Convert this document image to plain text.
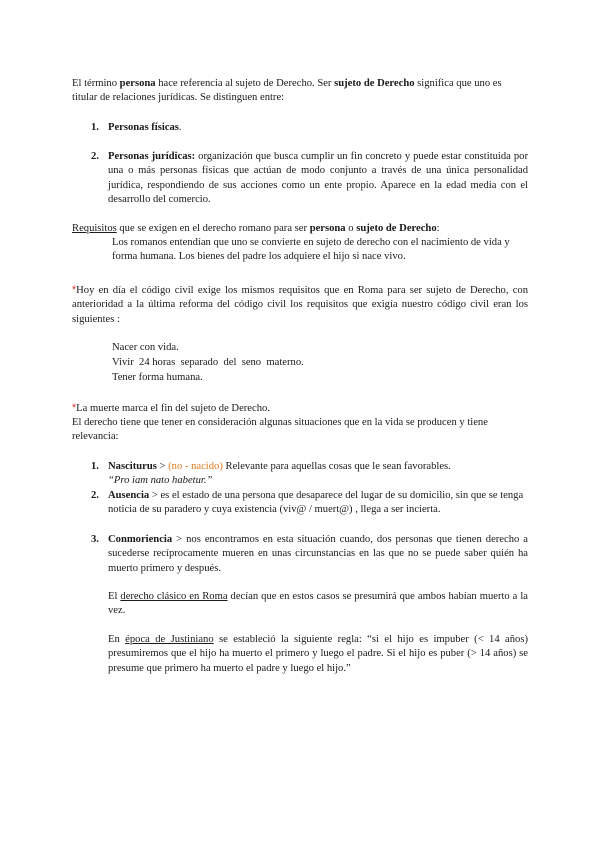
El término persona hace referencia al sujeto de Derecho. Ser sujeto de Derecho significa que uno es titular de relaciones jurídicas. Se distinguen entre:

1. Personas físicas.

2. Personas jurídicas: organización que busca cumplir un fin concreto y puede estar constituida por una o más personas físicas que actúan de modo conjunto a través de una única personalidad jurídica, respondiendo de sus acciones como un ente propio. Aparece en la edad media con el desarrollo del comercio.

Requisitos que se exigen en el derecho romano para ser persona o sujeto de Derecho:

Los romanos entendían que uno se convierte en sujeto de derecho con el nacimiento de vida y forma humana. Los bienes del padre los adquiere el hijo si nace vivo.

*Hoy en día el código civil exige los mismos requisitos que en Roma para ser sujeto de Derecho, con anterioridad a la última reforma del código civil los requisitos que exigía nuestro código civil eran los siguientes :

Nacer con vida.

Vivir  24 horas  separado  del  seno  materno.

Tener forma humana.

*La muerte marca el fin del sujeto de Derecho.

El derecho tiene que tener en consideración algunas situaciones que en la vida se producen y tiene relevancia:

1. Nasciturus > (no - nacido) Relevante para aquellas cosas que le sean favorables.

“Pro iam nato habetur.”

2. Ausencia > es el estado de una persona que desaparece del lugar de su domicilio, sin que se tenga noticia de su paradero y cuya existencia (viv@ / muert@) , llega a ser incierta.

3. Conmoriencia > nos encontramos en esta situación cuando, dos personas que tienen derecho a sucederse recíprocamente mueren en unas circunstancias en las que no se puede saber quién ha muerto primero y después.

El derecho clásico en Roma decían que en estos casos se presumirá que ambos habían muerto a la vez.

En época de Justiniano se estableció la siguiente regla: “si el hijo es impuber (< 14 años) presumiremos que el hijo ha muerto el primero y luego el padre. Si el hijo es puber (> 14 años) se presume que primero ha muerto el padre y luego el hijo.”
